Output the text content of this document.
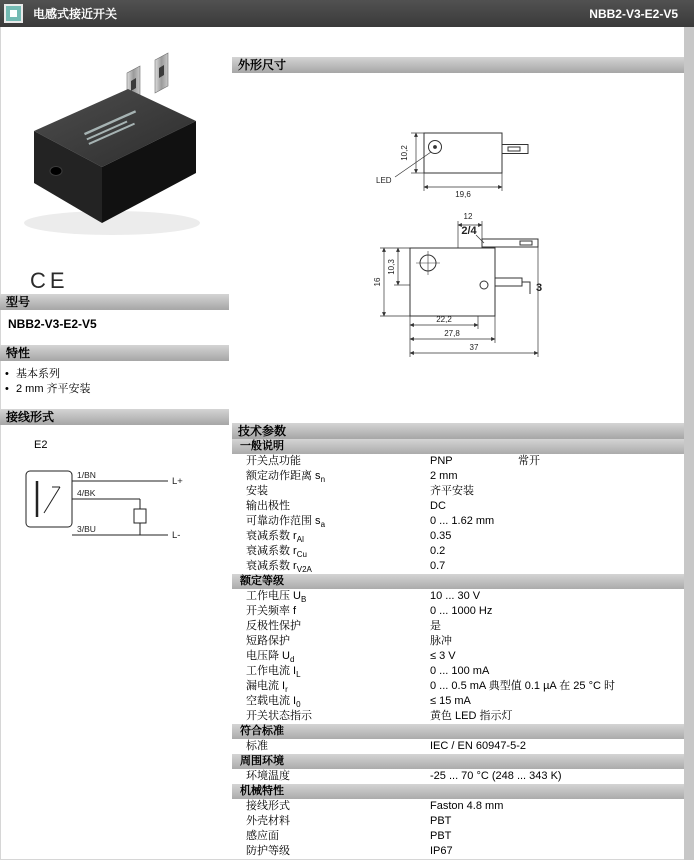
电感式接近开关	NBB2-V3-E2-V5
CE
型号
NBB2-V3-E2-V5
特性
• 基本系列
• 2 mm 齐平安装
接线形式
E2
1/BN
4/BK
3/BU
L+
L-
外形尺寸
10,2
LED
19,6
12
2/4
16
10,3
3
22,2
27,8
37
技术参数
一般说明
开关点功能	PNP	常开
额定动作距离 $s_n$	2 mm
安装	齐平安装
输出极性	DC
可靠动作范围 $s_a$	0 ... 1.62 mm
衰减系数 $r_{Al}$	0.35
衰减系数 $r_{Cu}$	0.2
衰减系数 $r_{V2A}$	0.7
额定等级
工作电压 $U_B$	10 ... 30 V
开关频率 f	0 ... 1000 Hz
反极性保护	是
短路保护	脉冲
电压降 $U_d$	≤ 3 V
工作电流 $I_L$	0 ... 100 mA
漏电流 $I_r$	0 ... 0.5 mA 典型值 0.1 µA 在 25 °C 时
空载电流 $I_0$	≤ 15 mA
开关状态指示	黄色 LED 指示灯
符合标准
标准	IEC / EN 60947-5-2
周围环境
环境温度	-25 ... 70 °C (248 ... 343 K)
机械特性
接线形式	Faston 4.8 mm
外壳材料	PBT
感应面	PBT
防护等级	IP67
